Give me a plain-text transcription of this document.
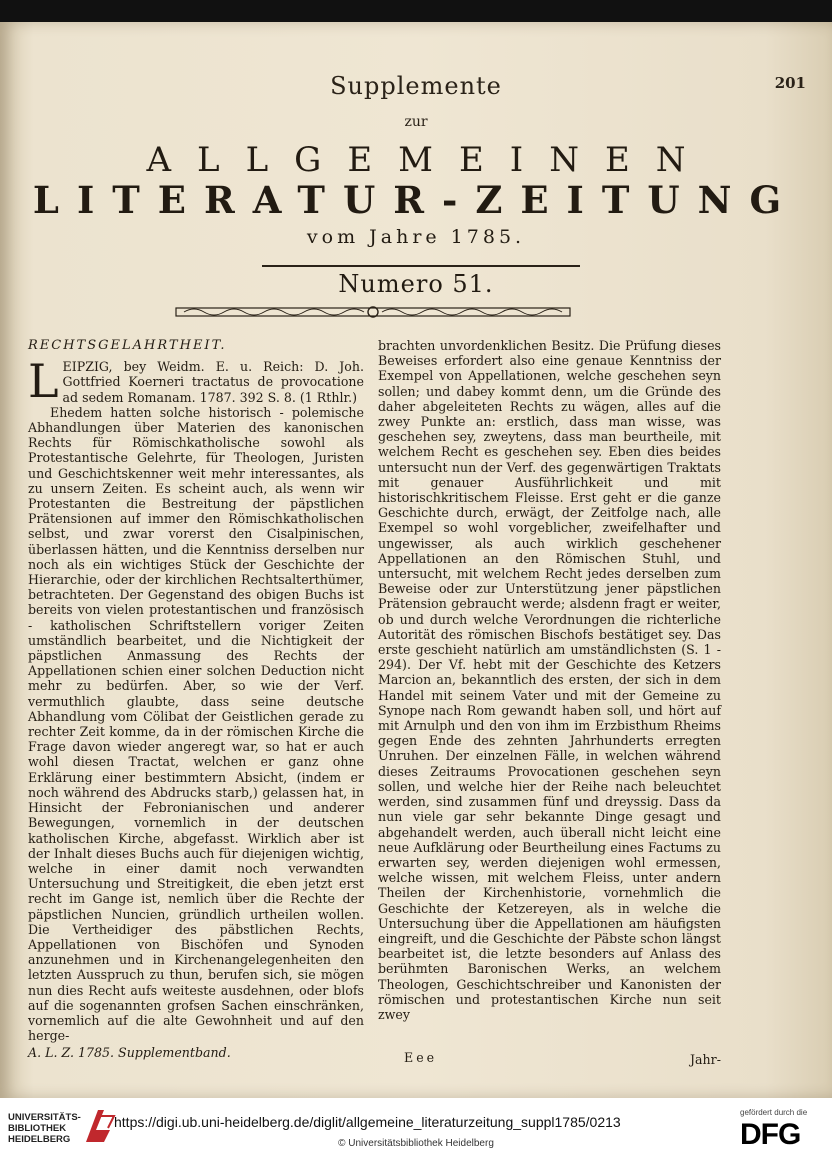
201
Supplemente
zur
ALLGEMEINEN
LITERATUR-ZEITUNG
vom Jahre 1785.
Numero 51.

RECHTSGELAHRTHEIT.

LEIPZIG, bey Weidm. E. u. Reich: D. Joh. Gottfried Koerneri tractatus de provocatione ad sedem Romanam. 1787. 392 S. 8. (1 Rthlr.)

Ehedem hatten solche historisch - polemische Abhandlungen über Materien des kanonischen Rechts für Römischkatholische sowohl als Protestantische Gelehrte, für Theologen, Juristen und Geschichtskenner weit mehr interessantes, als zu unsern Zeiten. Es scheint auch, als wenn wir Protestanten die Bestreitung der päpstlichen Prätensionen auf immer den Römischkatholischen selbst, und zwar vorerst den Cisalpinischen, überlassen hätten, und die Kenntniss derselben nur noch als ein wichtiges Stück der Geschichte der Hierarchie, oder der kirchlichen Rechtsalterthümer, betrachteten. Der Gegenstand des obigen Buchs ist bereits von vielen protestantischen und französisch - katholischen Schriftstellern voriger Zeiten umständlich bearbeitet, und die Nichtigkeit der päpstlichen Anmassung des Rechts der Appellationen schien einer solchen Deduction nicht mehr zu bedürfen. Aber, so wie der Verf. vermuthlich glaubte, dass seine deutsche Abhandlung vom Cölibat der Geistlichen gerade zu rechter Zeit komme, da in der römischen Kirche die Frage davon wieder angeregt war, so hat er auch wohl diesen Tractat, welchen er ganz ohne Erklärung einer bestimmtern Absicht, (indem er noch während des Abdrucks starb,) gelassen hat, in Hinsicht der Febronianischen und anderer Bewegungen, vornemlich in der deutschen katholischen Kirche, abgefasst. Wirklich aber ist der Inhalt dieses Buchs auch für diejenigen wichtig, welche in einer damit noch verwandten Untersuchung und Streitigkeit, die eben jetzt erst recht im Gange ist, nemlich über die Rechte der päpstlichen Nuncien, gründlich urtheilen wollen. Die Vertheidiger des päbstlichen Rechts, Appellationen von Bischöfen und Synoden anzunehmen und in Kirchenangelegenheiten den letzten Ausspruch zu thun, berufen sich, sie mögen nun dies Recht aufs weiteste ausdehnen, oder blofs auf die sogenannten grofsen Sachen einschränken, vornemlich auf die alte Gewohnheit und auf den herge-

A. L. Z. 1785. Supplementband.

brachten unvordenklichen Besitz. Die Prüfung dieses Beweises erfordert also eine genaue Kenntniss der Exempel von Appellationen, welche geschehen seyn sollen; und dabey kommt denn, um die Gründe des daher abgeleiteten Rechts zu wägen, alles auf die zwey Punkte an: erstlich, dass man wisse, was geschehen sey, zweytens, dass man beurtheile, mit welchem Recht es geschehen sey. Eben dies beides untersucht nun der Verf. des gegenwärtigen Traktats mit genauer Ausführlichkeit und mit historischkritischem Fleisse. Erst geht er die ganze Geschichte durch, erwägt, der Zeitfolge nach, alle Exempel so wohl vorgeblicher, zweifelhafter und ungewisser, als auch wirklich geschehener Appellationen an den Römischen Stuhl, und untersucht, mit welchem Recht jedes derselben zum Beweise oder zur Unterstützung jener päpstlichen Prätension gebraucht werde; alsdenn fragt er weiter, ob und durch welche Verordnungen die richterliche Autorität des römischen Bischofs bestätiget sey. Das erste geschieht natürlich am umständlichsten (S. 1 - 294). Der Vf. hebt mit der Geschichte des Ketzers Marcion an, bekanntlich des ersten, der sich in dem Handel mit seinem Vater und mit der Gemeine zu Synope nach Rom gewandt haben soll, und hört auf mit Arnulph und den von ihm im Erzbisthum Rheims gegen Ende des zehnten Jahrhunderts erregten Unruhen. Der einzelnen Fälle, in welchen während dieses Zeitraums Provocationen geschehen seyn sollen, und welche hier der Reihe nach beleuchtet werden, sind zusammen fünf und dreyssig. Dass da nun viele gar sehr bekannte Dinge gesagt und abgehandelt werden, auch überall nicht leicht eine neue Aufklärung oder Beurtheilung eines Factums zu erwarten sey, werden diejenigen wohl ermessen, welche wissen, mit welchem Fleiss, unter andern Theilen der Kirchenhistorie, vornehmlich die Geschichte der Ketzereyen, als in welche die Untersuchung über die Appellationen am häufigsten eingreift, und die Geschichte der Päbste schon längst bearbeitet ist, die letzte besonders auf Anlass des berühmten Baronischen Werks, an welchem Theologen, Geschichtschreiber und Kanonisten der römischen und protestantischen Kirche nun seit zwey

Eee	Jahr-
UNIVERSITÄTS-
BIBLIOTHEK
HEIDELBERG
https://digi.ub.uni-heidelberg.de/diglit/allgemeine_literaturzeitung_suppl1785/0213
© Universitätsbibliothek Heidelberg
gefördert durch die
DFG
